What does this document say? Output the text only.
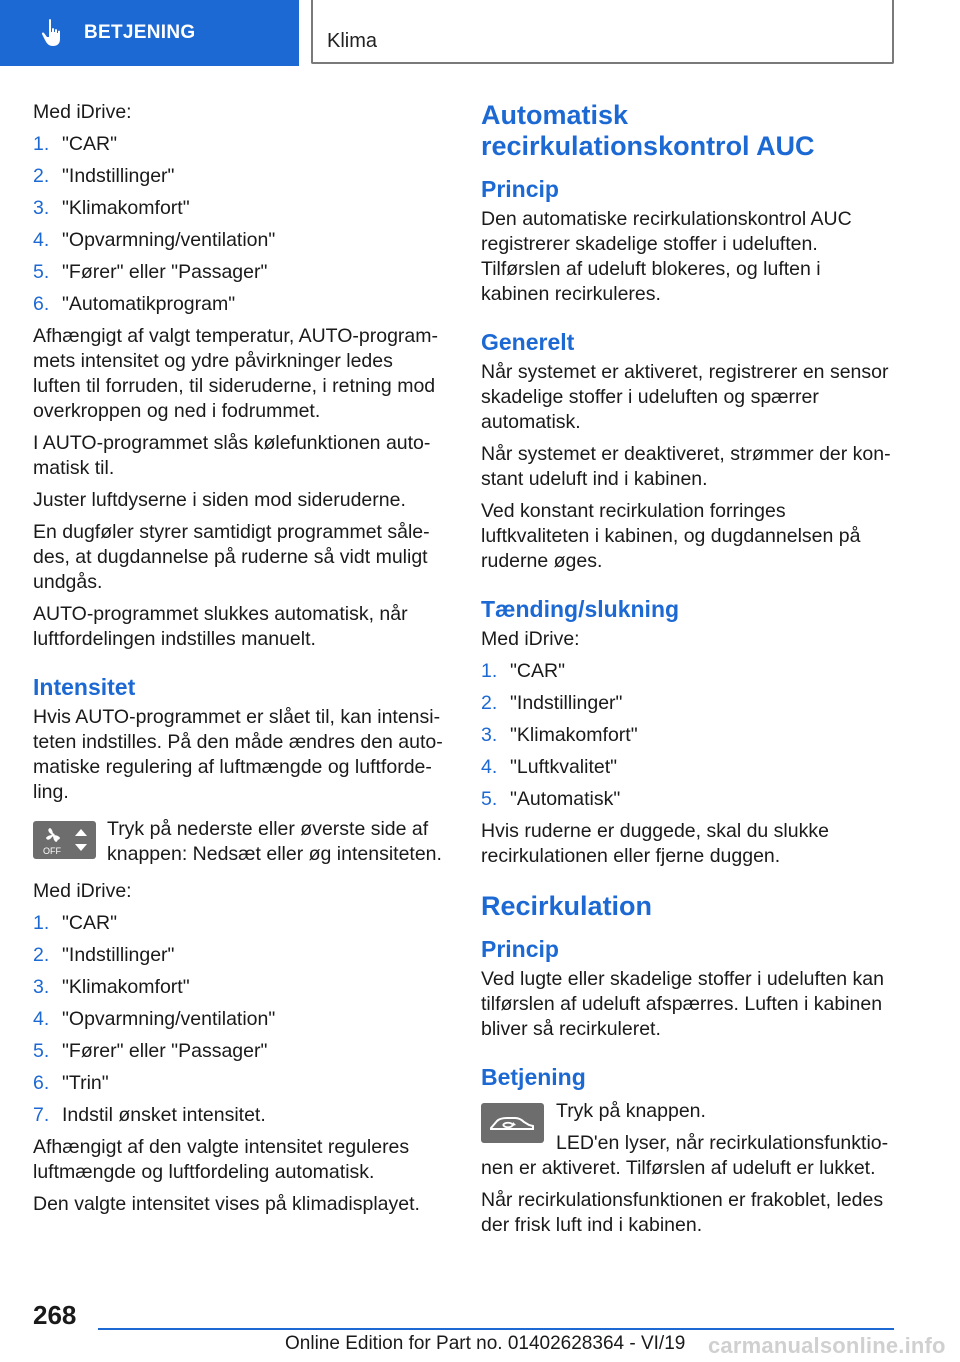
BETJENING	Klima

Med iDrive:

1. "CAR"
2. "Indstillinger"
3. "Klimakomfort"
4. "Opvarmning/ventilation"
5. "Fører" eller "Passager"
6. "Automatikprogram"

Afhængigt af valgt temperatur, AUTO-programmets intensitet og ydre påvirkninger ledes luften til forruden, til sideruderne, i retning mod overkroppen og ned i fodrummet.

I AUTO-programmet slås kølefunktionen automatisk til.

Juster luftdyserne i siden mod sideruderne.

En dugføler styrer samtidigt programmet således, at dugdannelse på ruderne så vidt muligt undgås.

AUTO-programmet slukkes automatisk, når luftfordelingen indstilles manuelt.

Intensitet

Hvis AUTO-programmet er slået til, kan intensiteten indstilles. På den måde ændres den automatiske regulering af luftmængde og luftfordeling.

OFF

Tryk på nederste eller øverste side af knappen: Nedsæt eller øg intensiteten.

Med iDrive:

1. "CAR"
2. "Indstillinger"
3. "Klimakomfort"
4. "Opvarmning/ventilation"
5. "Fører" eller "Passager"
6. "Trin"
7. Indstil ønsket intensitet.

Afhængigt af den valgte intensitet reguleres luftmængde og luftfordeling automatisk.

Den valgte intensitet vises på klimadisplayet.

Automatisk recirkulationskontrol AUC
Princip

Den automatiske recirkulationskontrol AUC registrerer skadelige stoffer i udeluften. Tilførslen af udeluft blokeres, og luften i kabinen recirkuleres.

Generelt

Når systemet er aktiveret, registrerer en sensor skadelige stoffer i udeluften og spærrer automatisk.

Når systemet er deaktiveret, strømmer der konstant udeluft ind i kabinen.

Ved konstant recirkulation forringes luftkvaliteten i kabinen, og dugdannelsen på ruderne øges.

Tænding/slukning

Med iDrive:

1. "CAR"
2. "Indstillinger"
3. "Klimakomfort"
4. "Luftkvalitet"
5. "Automatisk"

Hvis ruderne er duggede, skal du slukke recirkulationen eller fjerne duggen.

Recirkulation
Princip

Ved lugte eller skadelige stoffer i udeluften kan tilførslen af udeluft afspærres. Luften i kabinen bliver så recirkuleret.

Betjening

Tryk på knappen.

LED'en lyser, når recirkulationsfunktionen er aktiveret. Tilførslen af udeluft er lukket.

Når recirkulationsfunktionen er frakoblet, ledes der frisk luft ind i kabinen.

268
Online Edition for Part no. 01402628364 - VI/19 carmanualsonline.info
